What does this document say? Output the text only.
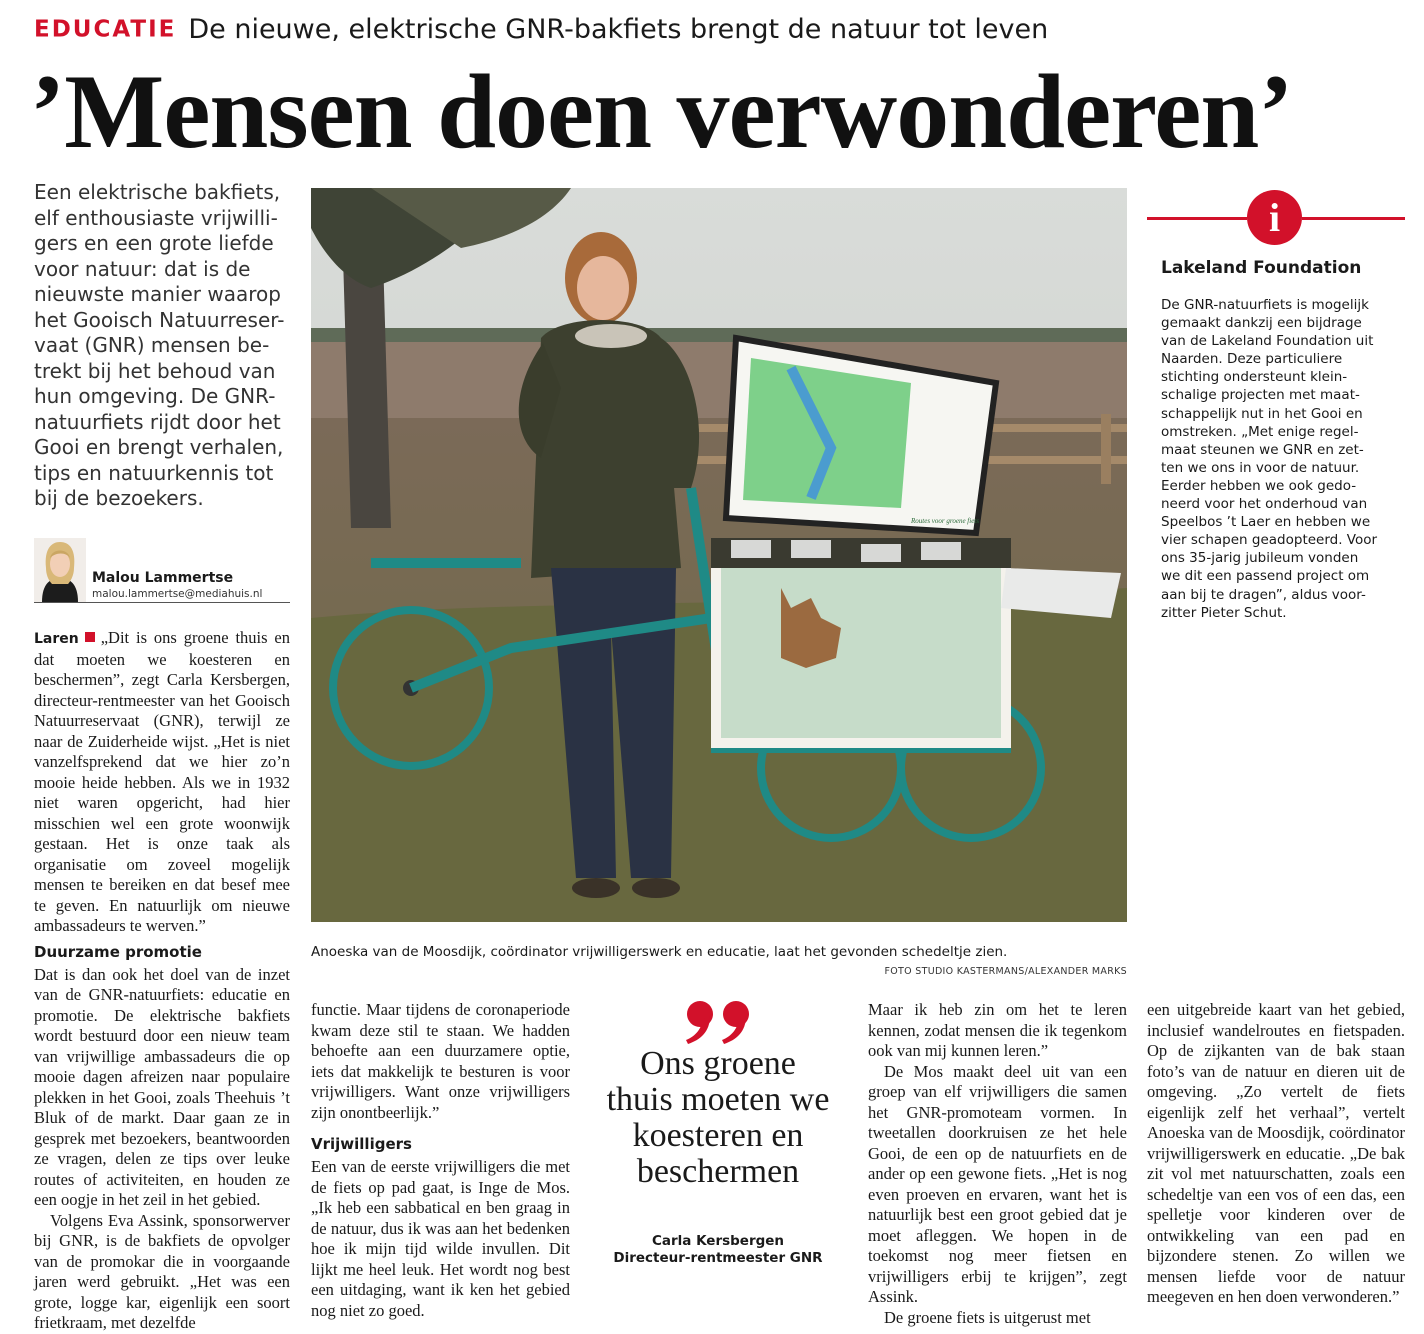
EDUCATIE De nieuwe, elektrische GNR-bakfiets brengt de natuur tot leven
’Mensen doen verwonderen’
Een elektrische bakfiets,
elf enthousiaste vrijwilli-
gers en een grote liefde
voor natuur: dat is de
nieuwste manier waarop
het Gooisch Natuurreser-
vaat (GNR) mensen be-
trekt bij het behoud van
hun omgeving. De GNR-
natuurfiets rijdt door het
Gooi en brengt verhalen,
tips en natuurkennis tot
bij de bezoekers.
Malou Lammertse
malou.lammertse@mediahuis.nl

Laren „Dit is ons groene thuis en dat moeten we koesteren en beschermen”, zegt Carla Kersbergen, directeur-rentmeester van het Gooisch Natuurreservaat (GNR), terwijl ze naar de Zuiderheide wijst. „Het is niet vanzelfsprekend dat we hier zo’n mooie heide hebben. Als we in 1932 niet waren opgericht, had hier misschien wel een grote woonwijk gestaan. Het is onze taak als organisatie om zoveel mogelijk mensen te bereiken en dat besef mee te geven. En natuurlijk om nieuwe ambassadeurs te werven.”

Duurzame promotie

Dat is dan ook het doel van de inzet van de GNR-natuurfiets: educatie en promotie. De elektrische bakfiets wordt bestuurd door een nieuw team van vrijwillige ambassadeurs die op mooie dagen afreizen naar populaire plekken in het Gooi, zoals Theehuis ’t Bluk of de markt. Daar gaan ze in gesprek met bezoekers, beantwoorden ze vragen, delen ze tips over leuke routes of activiteiten, en houden ze een oogje in het zeil in het gebied.

Volgens Eva Assink, sponsorwerver bij GNR, is de bakfiets de opvolger van de promokar die in voorgaande jaren werd gebruikt. „Het was een grote, logge kar, eigenlijk een soort frietkraam, met dezelfde

Routes voor groene fiets
Anoeska van de Moosdijk, coördinator vrijwilligerswerk en educatie, laat het gevonden schedeltje zien.
FOTO STUDIO KASTERMANS/ALEXANDER MARKS
i
Lakeland Foundation
De GNR-natuurfiets is mogelijk
gemaakt dankzij een bijdrage
van de Lakeland Foundation uit
Naarden. Deze particuliere
stichting ondersteunt klein-
schalige projecten met maat-
schappelijk nut in het Gooi en
omstreken. „Met enige regel-
maat steunen we GNR en zet-
ten we ons in voor de natuur.
Eerder hebben we ook gedo-
neerd voor het onderhoud van
Speelbos ’t Laer en hebben we
vier schapen geadopteerd. Voor
ons 35-jarig jubileum vonden
we dit een passend project om
aan bij te dragen”, aldus voor-
zitter Pieter Schut.

functie. Maar tijdens de coronaperiode kwam deze stil te staan. We hadden behoefte aan een duurzamere optie, iets dat makkelijk te besturen is voor vrijwilligers. Want onze vrijwilligers zijn onontbeerlijk.”

Vrijwilligers

Een van de eerste vrijwilligers die met de fiets op pad gaat, is Inge de Mos. „Ik heb een sabbatical en ben graag in de natuur, dus ik was aan het bedenken hoe ik mijn tijd wilde invullen. Dit lijkt me heel leuk. Het wordt nog best een uitdaging, want ik ken het gebied nog niet zo goed.

Ons groene
thuis moeten we
koesteren en
beschermen
Carla Kersbergen
Directeur-rentmeester GNR

Maar ik heb zin om het te leren kennen, zodat mensen die ik tegenkom ook van mij kunnen leren.”

De Mos maakt deel uit van een groep van elf vrijwilligers die samen het GNR-promoteam vormen. In tweetallen doorkruisen ze het hele Gooi, de een op de natuurfiets en de ander op een gewone fiets. „Het is nog even proeven en ervaren, want het is natuurlijk best een groot gebied dat je moet afleggen. We hopen in de toekomst nog meer fietsen en vrijwilligers erbij te krijgen”, zegt Assink.

De groene fiets is uitgerust met

een uitgebreide kaart van het gebied, inclusief wandelroutes en fietspaden. Op de zijkanten van de bak staan foto’s van de natuur en dieren uit de omgeving. „Zo vertelt de fiets eigenlijk zelf het verhaal”, vertelt Anoeska van de Moosdijk, coördinator vrijwilligerswerk en educatie. „De bak zit vol met natuurschatten, zoals een schedeltje van een vos of een das, een spelletje voor kinderen over de ontwikkeling van een pad en bijzondere stenen. Zo willen we mensen liefde voor de natuur meegeven en hen doen verwonderen.”
